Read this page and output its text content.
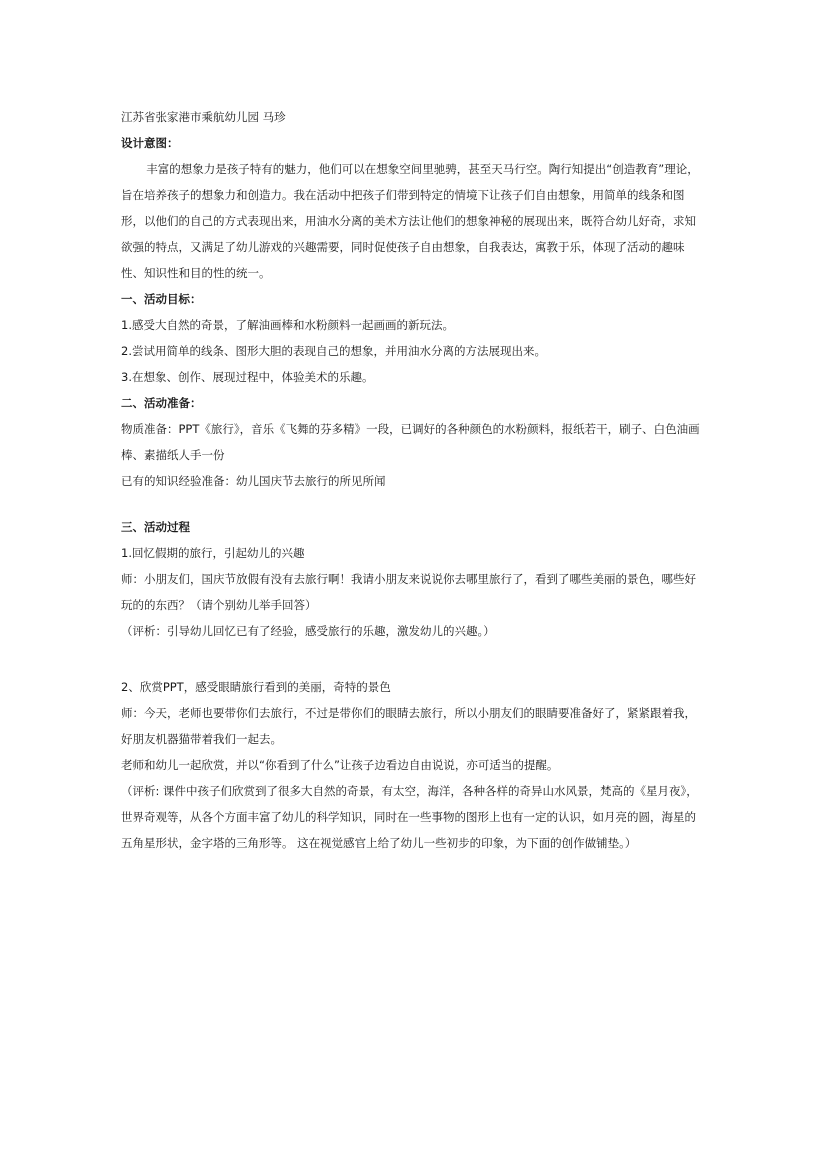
江苏省张家港市乘航幼儿园 马珍

设计意图：

丰富的想象力是孩子特有的魅力，他们可以在想象空间里驰骋，甚至天马行空。陶行知提出“创造教育”理论，旨在培养孩子的想象力和创造力。我在活动中把孩子们带到特定的情境下让孩子们自由想象，用简单的线条和图形，以他们的自己的方式表现出来，用油水分离的美术方法让他们的想象神秘的展现出来，既符合幼儿好奇，求知欲强的特点，又满足了幼儿游戏的兴趣需要，同时促使孩子自由想象，自我表达，寓教于乐，体现了活动的趣味性、知识性和目的性的统一。

一、活动目标：

1.感受大自然的奇景，了解油画棒和水粉颜料一起画画的新玩法。

2.尝试用简单的线条、图形大胆的表现自己的想象，并用油水分离的方法展现出来。

3.在想象、创作、展现过程中，体验美术的乐趣。

二、活动准备：

物质准备：PPT《旅行》，音乐《飞舞的芬多精》一段，已调好的各种颜色的水粉颜料，报纸若干，刷子、白色油画棒、素描纸人手一份

已有的知识经验准备：幼儿国庆节去旅行的所见所闻

三、活动过程

1.回忆假期的旅行，引起幼儿的兴趣

师：小朋友们，国庆节放假有没有去旅行啊！我请小朋友来说说你去哪里旅行了，看到了哪些美丽的景色，哪些好玩的的东西？（请个别幼儿举手回答）

（评析：引导幼儿回忆已有了经验，感受旅行的乐趣，激发幼儿的兴趣。）

2、欣赏PPT，感受眼睛旅行看到的美丽，奇特的景色

师：今天，老师也要带你们去旅行，不过是带你们的眼睛去旅行，所以小朋友们的眼睛要准备好了，紧紧跟着我，好朋友机器猫带着我们一起去。

老师和幼儿一起欣赏，并以“你看到了什么”让孩子边看边自由说说，亦可适当的提醒。

（评析: 课件中孩子们欣赏到了很多大自然的奇景，有太空，海洋，各种各样的奇异山水风景，梵高的《星月夜》，世界奇观等，从各个方面丰富了幼儿的科学知识，同时在一些事物的图形上也有一定的认识，如月亮的圆，海星的五角星形状，金字塔的三角形等。 这在视觉感官上给了幼儿一些初步的印象，为下面的创作做铺垫。）
